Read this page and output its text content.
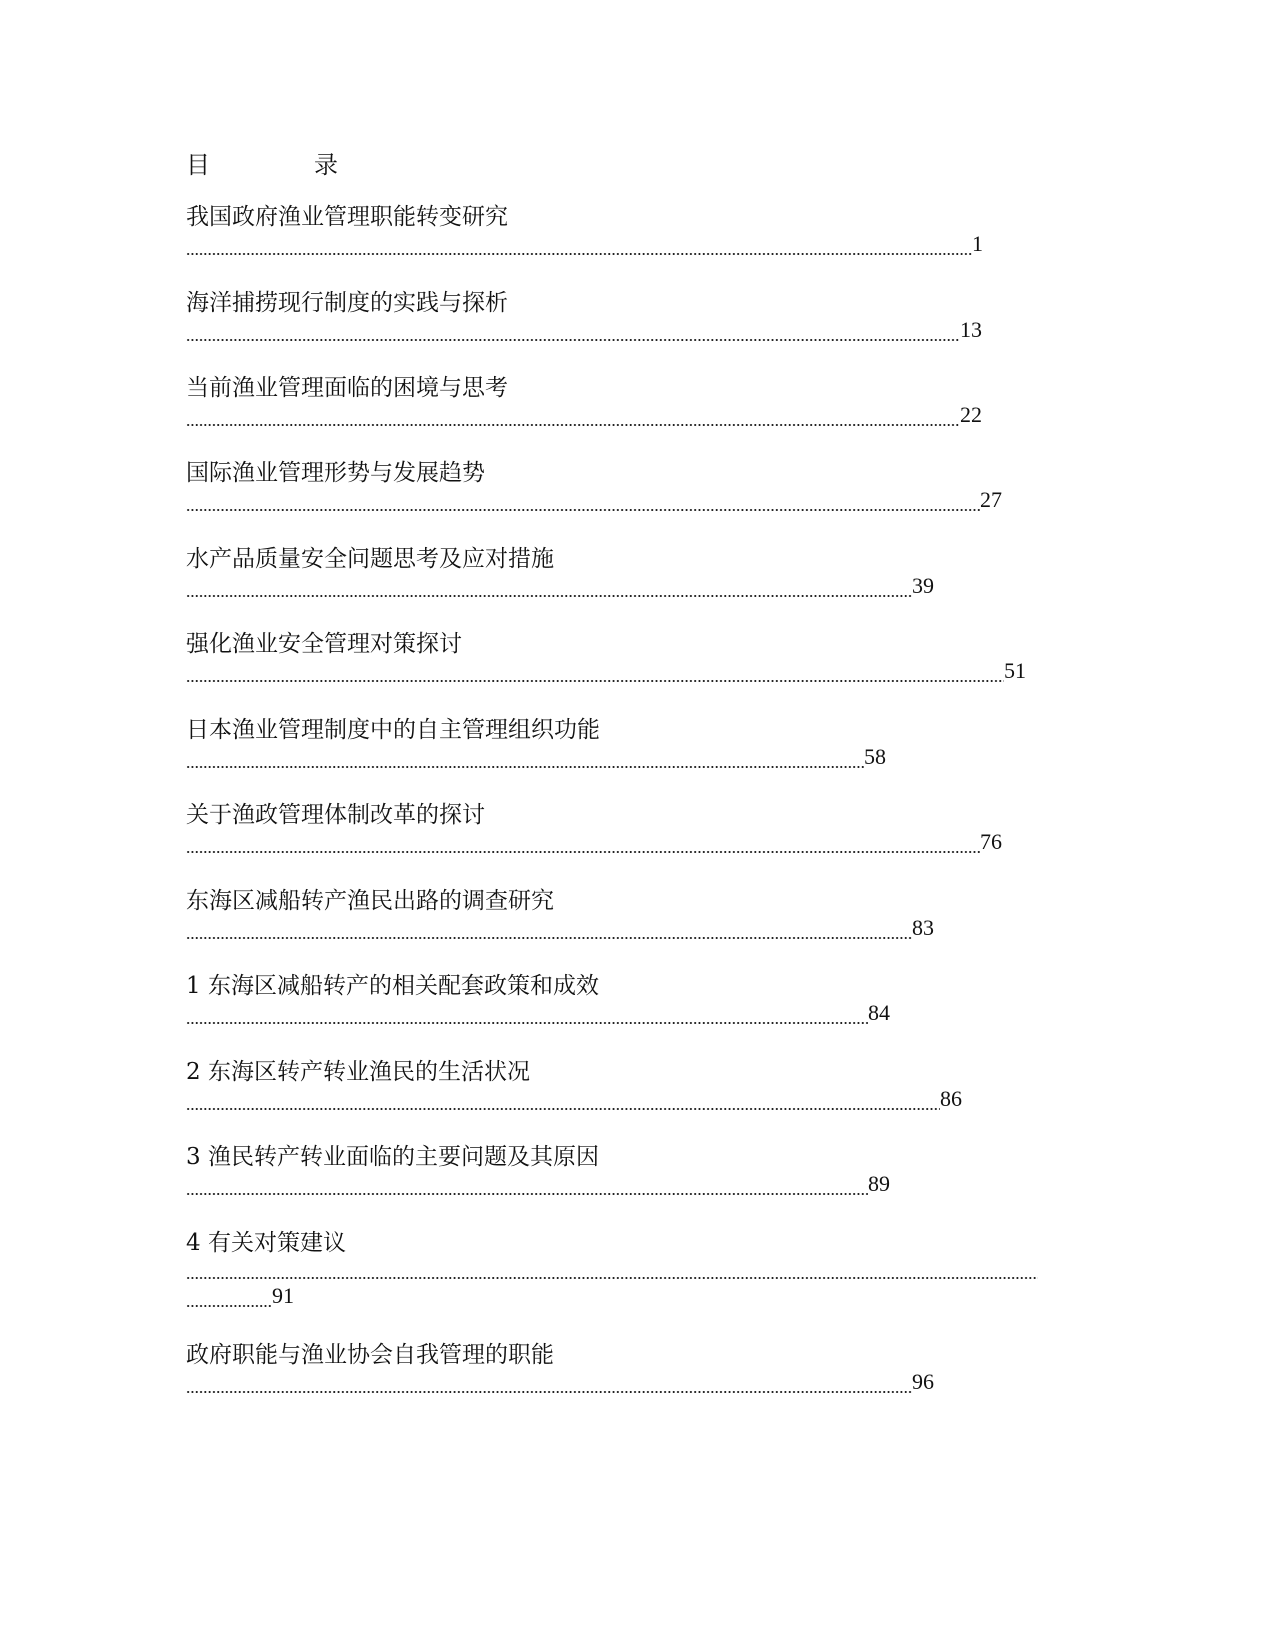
目　录
我国政府渔业管理职能转变研究
1
海洋捕捞现行制度的实践与探析
13
当前渔业管理面临的困境与思考
22
国际渔业管理形势与发展趋势
27
水产品质量安全问题思考及应对措施
39
强化渔业安全管理对策探讨
51
日本渔业管理制度中的自主管理组织功能
58
关于渔政管理体制改革的探讨
76
东海区减船转产渔民出路的调查研究
83
1 东海区减船转产的相关配套政策和成效
84
2 东海区转产转业渔民的生活状况
86
3 渔民转产转业面临的主要问题及其原因
89
4 有关对策建议
91
政府职能与渔业协会自我管理的职能
96
